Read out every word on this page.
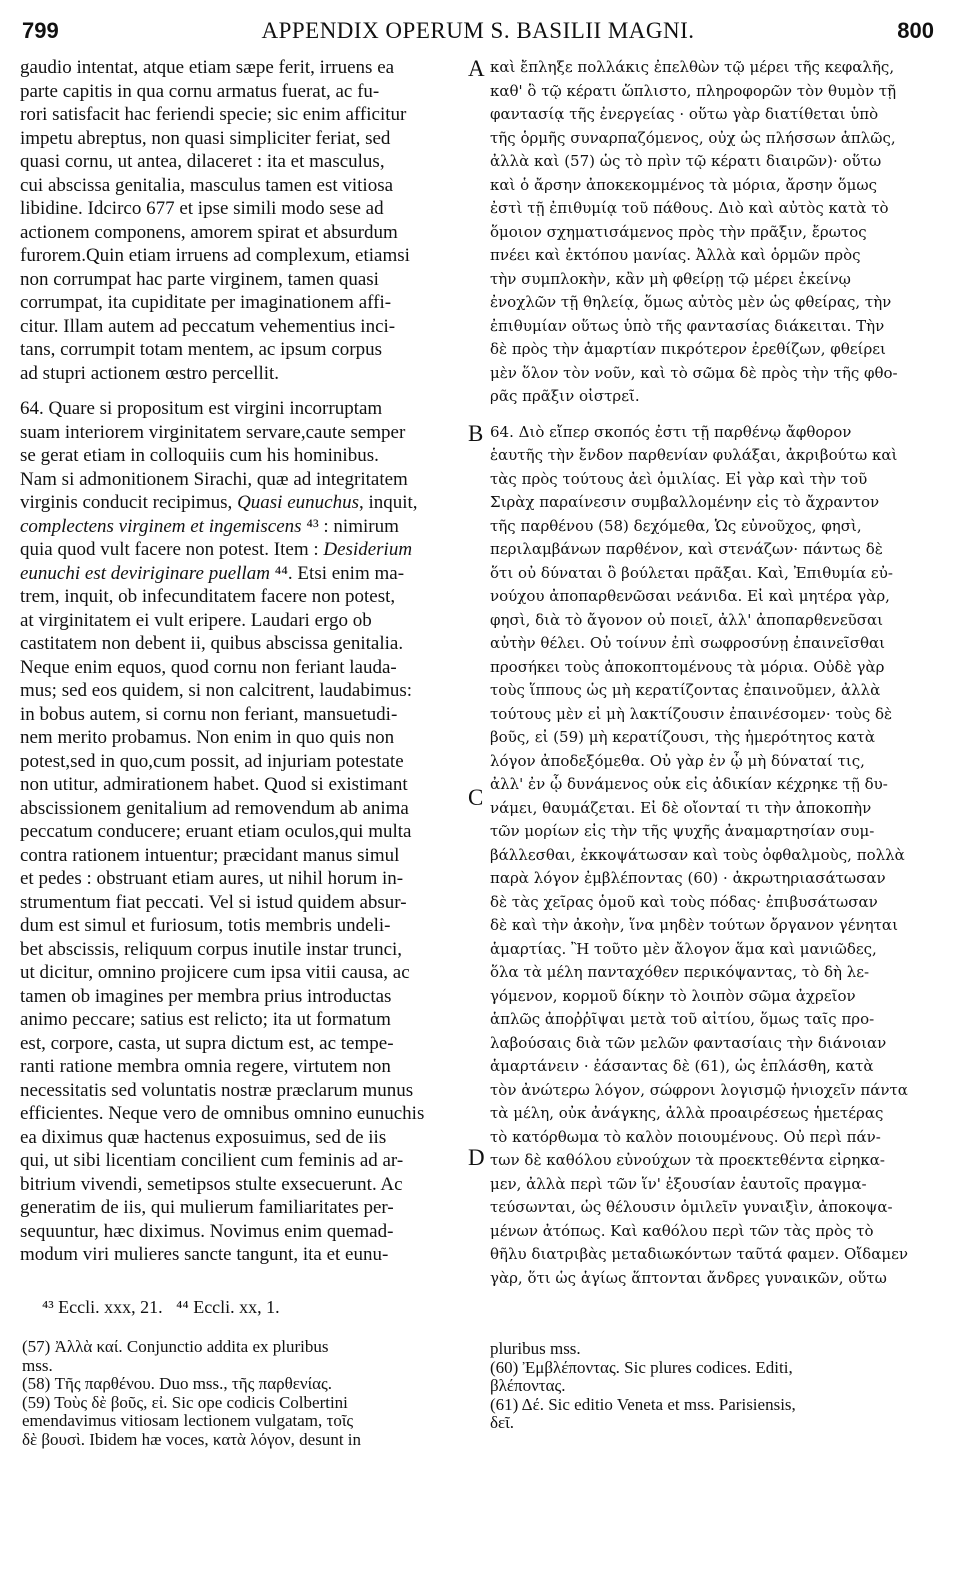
799	APPENDIX OPERUM S. BASILII MAGNI.	800
gaudio intentat, atque etiam sæpe ferit, irruens ea
parte capitis in qua cornu armatus fuerat, ac fu-
rori satisfacit hac feriendi specie; sic enim afficitur
impetu abreptus, non quasi simpliciter feriat, sed
quasi cornu, ut antea, dilaceret : ita et masculus,
cui abscissa genitalia, masculus tamen est vitiosa
libidine. Idcirco 677 et ipse simili modo sese ad
actionem componens, amorem spirat et absurdum
furorem.Quin etiam irruens ad complexum, etiamsi
non corrumpat hac parte virginem, tamen quasi
corrumpat, ita cupiditate per imaginationem affi-
citur. Illam autem ad peccatum vehementius inci-
tans, corrumpit totam mentem, ac ipsum corpus
ad stupri actionem œstro percellit.
64. Quare si propositum est virgini incorruptam
suam interiorem virginitatem servare,caute semper
se gerat etiam in colloquiis cum his hominibus.
Nam si admonitionem Sirachi, quæ ad integritatem
virginis conducit recipimus, Quasi eunuchus, inquit,
complectens virginem et ingemiscens ⁴³ : nimirum
quia quod vult facere non potest. Item : Desiderium
eunuchi est deviriginare puellam ⁴⁴. Etsi enim ma-
trem, inquit, ob infecunditatem facere non potest,
at virginitatem ei vult eripere. Laudari ergo ob
castitatem non debent ii, quibus abscissa genitalia.
Neque enim equos, quod cornu non feriant lauda-
mus; sed eos quidem, si non calcitrent, laudabimus:
in bobus autem, si cornu non feriant, mansuetudi-
nem merito probamus. Non enim in quo quis non
potest,sed in quo,cum possit, ad injuriam potestate
non utitur, admirationem habet. Quod si existimant
abscissionem genitalium ad removendum ab anima
peccatum conducere; eruant etiam oculos,qui multa
contra rationem intuentur; præcidant manus simul
et pedes : obstruant etiam aures, ut nihil horum in-
strumentum fiat peccati. Vel si istud quidem absur-
dum est simul et furiosum, totis membris undeli-
bet abscissis, reliquum corpus inutile instar trunci,
ut dicitur, omnino projicere cum ipsa vitii causa, ac
tamen ob imagines per membra prius introductas
animo peccare; satius est relicto; ita ut formatum
est, corpore, casta, ut supra dictum est, ac tempe-
ranti ratione membra omnia regere, virtutem non
necessitatis sed voluntatis nostræ præclarum munus
efficientes. Neque vero de omnibus omnino eunuchis
ea diximus quæ hactenus exposuimus, sed de iis
qui, ut sibi licentiam concilient cum feminis ad ar-
bitrium vivendi, semetipsos stulte exsecuerunt. Ac
generatim de iis, qui mulierum familiaritates per-
sequuntur, hæc diximus. Novimus enim quemad-
modum viri mulieres sancte tangunt, ita et eunu-
A
B
C
D
καὶ ἔπληξε πολλάκις ἐπελθὼν τῷ μέρει τῆς κεφαλῆς,
καθ' ὃ τῷ κέρατι ὥπλιστο, πληροφορῶν τὸν θυμὸν τῇ
φαντασίᾳ τῆς ἐνεργείας · οὕτω γὰρ διατίθεται ὑπὸ
τῆς ὁρμῆς συναρπαζόμενος, οὐχ ὡς πλήσσων ἁπλῶς,
ἀλλὰ καὶ (57) ὡς τὸ πρὶν τῷ κέρατι διαιρῶν)· οὕτω
καὶ ὁ ἄρσην ἀποκεκομμένος τὰ μόρια, ἄρσην ὅμως
ἐστὶ τῇ ἐπιθυμίᾳ τοῦ πάθους. Διὸ καὶ αὐτὸς κατὰ τὸ
ὅμοιον σχηματισάμενος πρὸς τὴν πρᾶξιν, ἔρωτος
πνέει καὶ ἐκτόπου μανίας. Ἀλλὰ καὶ ὁρμῶν πρὸς
τὴν συμπλοκὴν, κἂν μὴ φθείρῃ τῷ μέρει ἐκείνῳ
ἐνοχλῶν τῇ θηλείᾳ, ὅμως αὐτὸς μὲν ὡς φθείρας, τὴν
ἐπιθυμίαν οὕτως ὑπὸ τῆς φαντασίας διάκειται. Τὴν
δὲ πρὸς τὴν ἁμαρτίαν πικρότερον ἐρεθίζων, φθείρει
μὲν ὅλον τὸν νοῦν, καὶ τὸ σῶμα δὲ πρὸς τὴν τῆς φθο-
ρᾶς πρᾶξιν οἰστρεῖ.
64. Διὸ εἴπερ σκοπός ἐστι τῇ παρθένῳ ἄφθορον
ἑαυτῆς τὴν ἔνδον παρθενίαν φυλάξαι, ἀκριβούτω καὶ
τὰς πρὸς τούτους ἀεὶ ὁμιλίας. Εἰ γὰρ καὶ τὴν τοῦ
Σιρὰχ παραίνεσιν συμβαλλομένην εἰς τὸ ἄχραντον
τῆς παρθένου (58) δεχόμεθα, Ὡς εὐνοῦχος, φησὶ,
περιλαμβάνων παρθένον, καὶ στενάζων· πάντως δὲ
ὅτι οὐ δύναται ὃ βούλεται πρᾶξαι. Καὶ, Ἐπιθυμία εὐ-
νούχου ἀποπαρθενῶσαι νεάνιδα. Εἰ καὶ μητέρα γὰρ,
φησὶ, διὰ τὸ ἄγονον οὐ ποιεῖ, ἀλλ' ἀποπαρθενεῦσαι
αὐτὴν θέλει. Οὐ τοίνυν ἐπὶ σωφροσύνῃ ἐπαινεῖσθαι
προσήκει τοὺς ἀποκοπτομένους τὰ μόρια. Οὐδὲ γὰρ
τοὺς ἵππους ὡς μὴ κερατίζοντας ἐπαινοῦμεν, ἀλλὰ
τούτους μὲν εἰ μὴ λακτίζουσιν ἐπαινέσομεν· τοὺς δὲ
βοῦς, εἰ (59) μὴ κερατίζουσι, τὴς ἡμερότητος κατὰ
λόγον ἀποδεξόμεθα. Οὐ γὰρ ἐν ᾧ μὴ δύναταί τις,
ἀλλ' ἐν ᾧ δυνάμενος οὐκ εἰς ἀδικίαν κέχρηκε τῇ δυ-
νάμει, θαυμάζεται. Εἰ δὲ οἴονταί τι τὴν ἀποκοπὴν
τῶν μορίων εἰς τὴν τῆς ψυχῆς ἀναμαρτησίαν συμ-
βάλλεσθαι, ἐκκοψάτωσαν καὶ τοὺς ὀφθαλμοὺς, πολλὰ
παρὰ λόγον ἐμβλέποντας (60) · ἀκρωτηριασάτωσαν
δὲ τὰς χεῖρας ὁμοῦ καὶ τοὺς πόδας· ἐπιβυσάτωσαν
δὲ καὶ τὴν ἀκοὴν, ἵνα μηδὲν τούτων ὄργανον γένηται
ἁμαρτίας. Ἢ τοῦτο μὲν ἄλογον ἅμα καὶ μανιῶδες,
ὅλα τὰ μέλη πανταχόθεν περικόψαντας, τὸ δὴ λε-
γόμενον, κορμοῦ δίκην τὸ λοιπὸν σῶμα ἀχρεῖον
ἁπλῶς ἀποῤῥῖψαι μετὰ τοῦ αἰτίου, ὅμως ταῖς προ-
λαβούσαις διὰ τῶν μελῶν φαντασίαις τὴν διάνοιαν
ἁμαρτάνειν · ἐάσαντας δὲ (61), ὡς ἐπλάσθη, κατὰ
τὸν ἀνώτερω λόγον, σώφρονι λογισμῷ ἡνιοχεῖν πάντα
τὰ μέλη, οὐκ ἀνάγκης, ἀλλὰ προαιρέσεως ἡμετέρας
τὸ κατόρθωμα τὸ καλὸν ποιουμένους. Οὐ περὶ πάν-
των δὲ καθόλου εὐνούχων τὰ προεκτεθέντα εἰρηκα-
μεν, ἀλλὰ περὶ τῶν ἵν' ἐξουσίαν ἑαυτοῖς πραγμα-
τεύσωνται, ὡς θέλουσιν ὁμιλεῖν γυναιξὶν, ἀποκοψα-
μένων ἀτόπως. Καὶ καθόλου περὶ τῶν τὰς πρὸς τὸ
θῆλυ διατριβὰς μεταδιωκόντων ταῦτά φαμεν. Οἴδαμεν
γὰρ, ὅτι ὡς ἁγίως ἅπτονται ἄνδρες γυναικῶν, οὕτω
⁴³ Eccli. xxx, 21.   ⁴⁴ Eccli. xx, 1.
(57) Ἀλλὰ καί. Conjunctio addita ex pluribus
mss.
(58) Τῆς παρθένου. Duo mss., τῆς παρθενίας.
(59) Τοὺς δὲ βοῦς, εἰ. Sic ope codicis Colbertini
emendavimus vitiosam lectionem vulgatam, τοῖς
δὲ βουσὶ. Ibidem hæ voces, κατὰ λόγον, desunt in
pluribus mss.
(60) Ἐμβλέποντας. Sic plures codices. Editi,
βλέποντας.
(61) Δέ. Sic editio Veneta et mss. Parisiensis,
δεῖ.
